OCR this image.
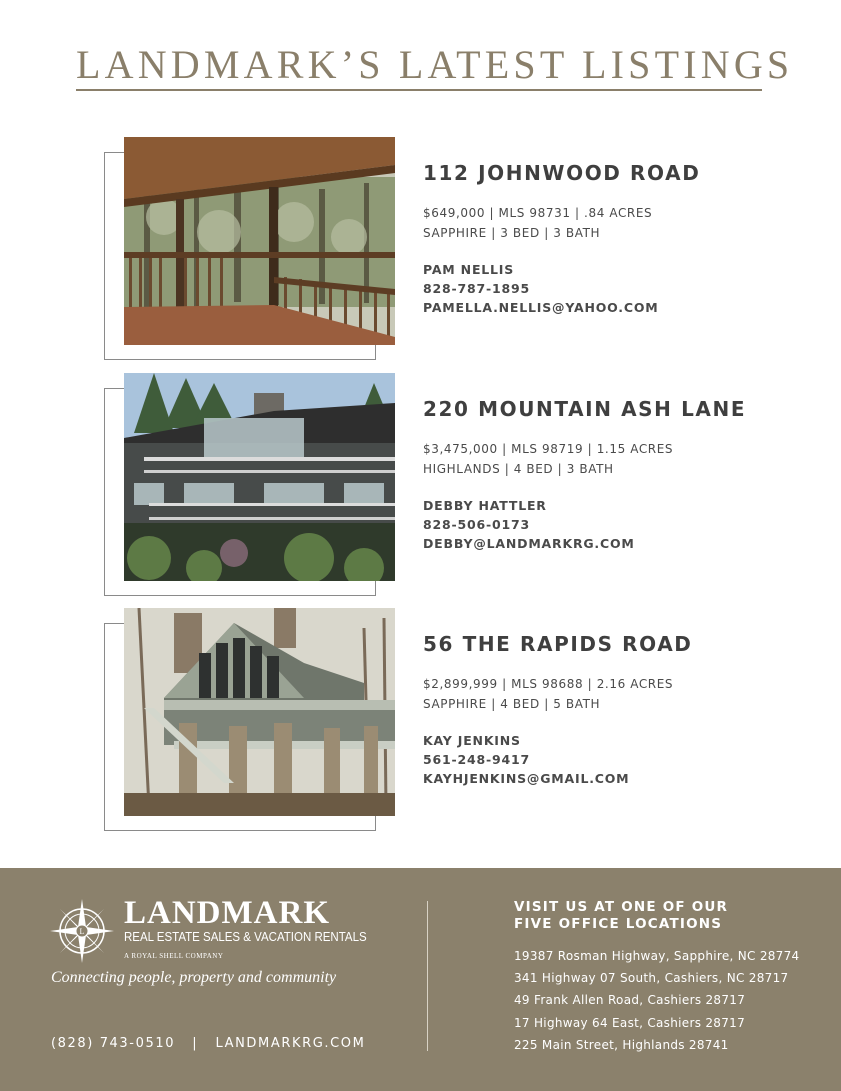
LANDMARK’S LATEST LISTINGS
112 JOHNWOOD ROAD
$649,000 | MLS 98731 | .84 ACRES
SAPPHIRE | 3 BED | 3 BATH
PAM NELLIS
828-787-1895
PAMELLA.NELLIS@YAHOO.COM
220 MOUNTAIN ASH LANE
$3,475,000 | MLS 98719 | 1.15 ACRES
HIGHLANDS | 4 BED | 3 BATH
DEBBY HATTLER
828-506-0173
DEBBY@LANDMARKRG.COM
56 THE RAPIDS ROAD
$2,899,999 | MLS 98688 | 2.16 ACRES
SAPPHIRE | 4 BED | 5 BATH
KAY JENKINS
561-248-9417
KAYHJENKINS@GMAIL.COM
L
LANDMARK
REAL ESTATE SALES & VACATION RENTALS
A ROYAL SHELL COMPANY
Connecting people, property and community
(828) 743-0510   |   LANDMARKRG.COM
VISIT US AT ONE OF OUR
FIVE OFFICE LOCATIONS
19387 Rosman Highway, Sapphire, NC 28774
341 Highway 07 South, Cashiers, NC 28717
49 Frank Allen Road, Cashiers 28717
17 Highway 64 East, Cashiers 28717
225 Main Street, Highlands 28741
